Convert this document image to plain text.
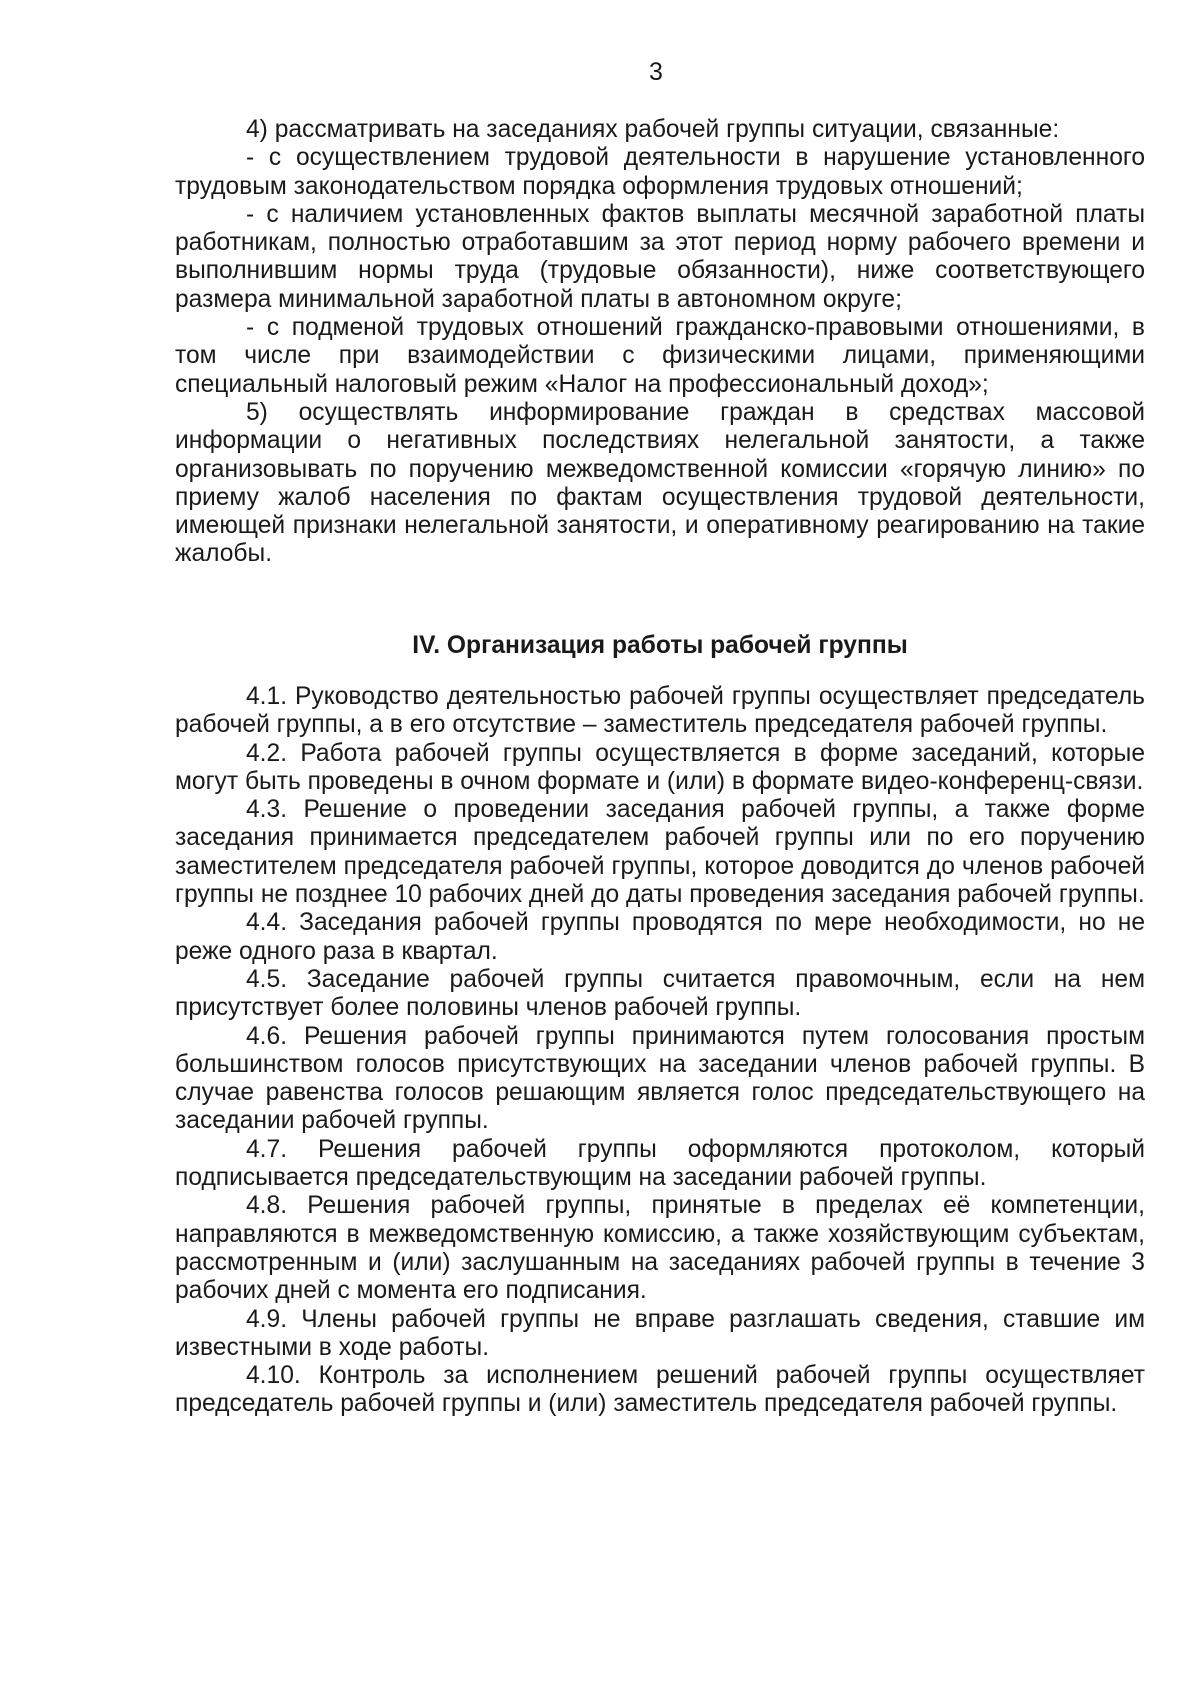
3

4) рассматривать на заседаниях рабочей группы ситуации, связанные:

- с осуществлением трудовой деятельности в нарушение установленного трудовым законодательством порядка оформления трудовых отношений;

- с наличием установленных фактов выплаты месячной заработной платы работникам, полностью отработавшим за этот период норму рабочего времени и выполнившим нормы труда (трудовые обязанности), ниже соответствующего размера минимальной заработной платы в автономном округе;

- с подменой трудовых отношений гражданско-правовыми отношениями, в том числе при взаимодействии с физическими лицами, применяющими специальный налоговый режим «Налог на профессиональный доход»;

5) осуществлять информирование граждан в средствах массовой информации о негативных последствиях нелегальной занятости, а также организовывать по поручению межведомственной комиссии «горячую линию» по приему жалоб населения по фактам осуществления трудовой деятельности, имеющей признаки нелегальной занятости, и оперативному реагированию на такие жалобы.

IV. Организация работы рабочей группы

4.1. Руководство деятельностью рабочей группы осуществляет председатель рабочей группы, а в его отсутствие – заместитель председателя рабочей группы.

4.2. Работа рабочей группы осуществляется в форме заседаний, которые могут быть проведены в очном формате и (или) в формате видео-конференц-связи.

4.3. Решение о проведении заседания рабочей группы, а также форме заседания принимается председателем рабочей группы или по его поручению заместителем председателя рабочей группы, которое доводится до членов рабочей группы не позднее 10 рабочих дней до даты проведения заседания рабочей группы.

4.4. Заседания рабочей группы проводятся по мере необходимости, но не реже одного раза в квартал.

4.5. Заседание рабочей группы считается правомочным, если на нем присутствует более половины членов рабочей группы.

4.6. Решения рабочей группы принимаются путем голосования простым большинством голосов присутствующих на заседании членов рабочей группы. В случае равенства голосов решающим является голос председательствующего на заседании рабочей группы.

4.7. Решения рабочей группы оформляются протоколом, который подписывается председательствующим на заседании рабочей группы.

4.8. Решения рабочей группы, принятые в пределах её компетенции, направляются в межведомственную комиссию, а также хозяйствующим субъектам, рассмотренным и (или) заслушанным на заседаниях рабочей группы в течение 3 рабочих дней с момента его подписания.

4.9. Члены рабочей группы не вправе разглашать сведения, ставшие им известными в ходе работы.

4.10. Контроль за исполнением решений рабочей группы осуществляет председатель рабочей группы и (или) заместитель председателя рабочей группы.
